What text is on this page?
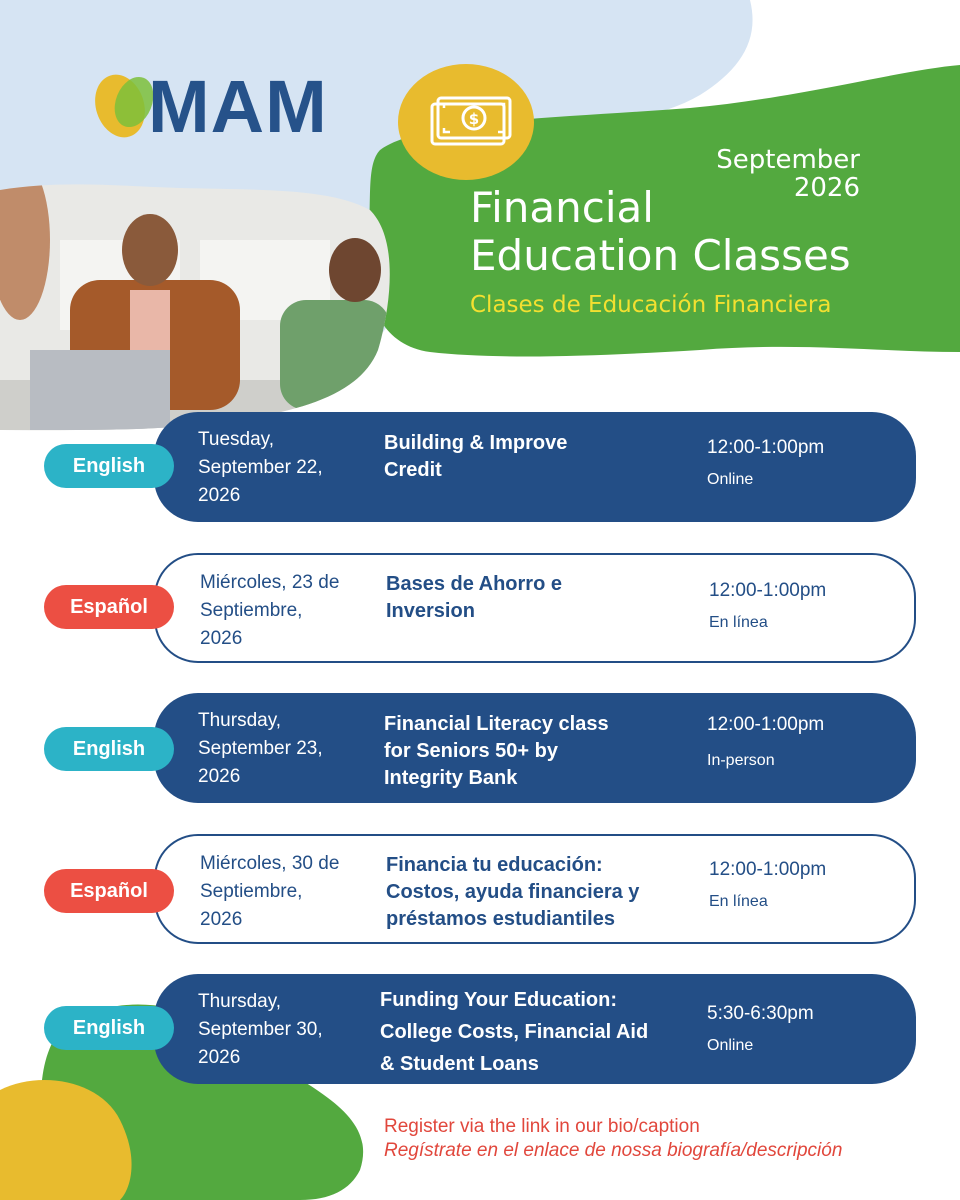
MAM	$
September
2026
Financial
Education Classes
Clases de Educación Financiera
Tuesday,
September 22,
2026
Building & Improve
Credit
12:00-1:00pm
Online
English
Miércoles, 23 de
Septiembre,
2026
Bases de Ahorro e
Inversion
12:00-1:00pm
En línea
Español
Thursday,
September 23,
2026
Financial Literacy class
for Seniors 50+ by
Integrity Bank
12:00-1:00pm
In-person
English
Miércoles, 30 de
Septiembre,
2026
Financia tu educación:
Costos, ayuda financiera y
préstamos estudiantiles
12:00-1:00pm
En línea
Español
Thursday,
September 30,
2026
Funding Your Education:
College Costs, Financial Aid
& Student Loans
5:30-6:30pm
Online
English
Register via the link in our bio/caption
Regístrate en el enlace de nossa biografía/descripción
